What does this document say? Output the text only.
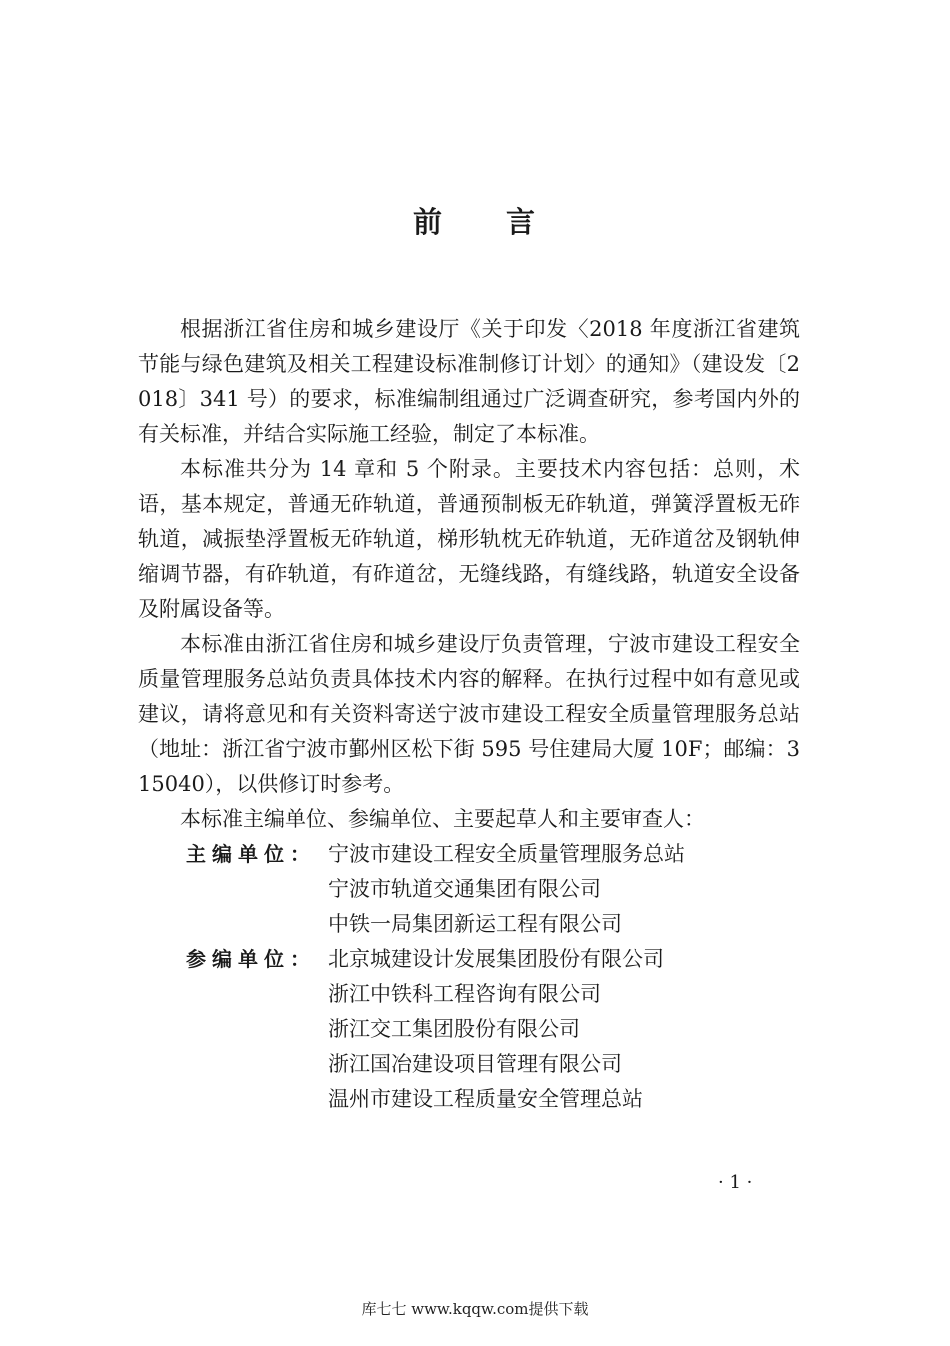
前 言

根据浙江省住房和城乡建设厅《关于印发〈2018 年度浙江省建筑节能与绿色建筑及相关工程建设标准制修订计划〉的通知》（建设发〔2018〕341 号）的要求，标准编制组通过广泛调查研究，参考国内外的有关标准，并结合实际施工经验，制定了本标准。

本标准共分为 14 章和 5 个附录。主要技术内容包括：总则，术语，基本规定，普通无砟轨道，普通预制板无砟轨道，弹簧浮置板无砟轨道，减振垫浮置板无砟轨道，梯形轨枕无砟轨道，无砟道岔及钢轨伸缩调节器，有砟轨道，有砟道岔，无缝线路，有缝线路，轨道安全设备及附属设备等。

本标准由浙江省住房和城乡建设厅负责管理，宁波市建设工程安全质量管理服务总站负责具体技术内容的解释。在执行过程中如有意见或建议，请将意见和有关资料寄送宁波市建设工程安全质量管理服务总站（地址：浙江省宁波市鄞州区松下街 595 号住建局大厦 10F；邮编：315040），以供修订时参考。

本标准主编单位、参编单位、主要起草人和主要审查人：

主编单位： 宁波市建设工程安全质量管理服务总站
宁波市轨道交通集团有限公司
中铁一局集团新运工程有限公司
参编单位： 北京城建设计发展集团股份有限公司
浙江中铁科工程咨询有限公司
浙江交工集团股份有限公司
浙江国冶建设项目管理有限公司
温州市建设工程质量安全管理总站
· 1 ·
库七七 www.kqqw.com提供下载
